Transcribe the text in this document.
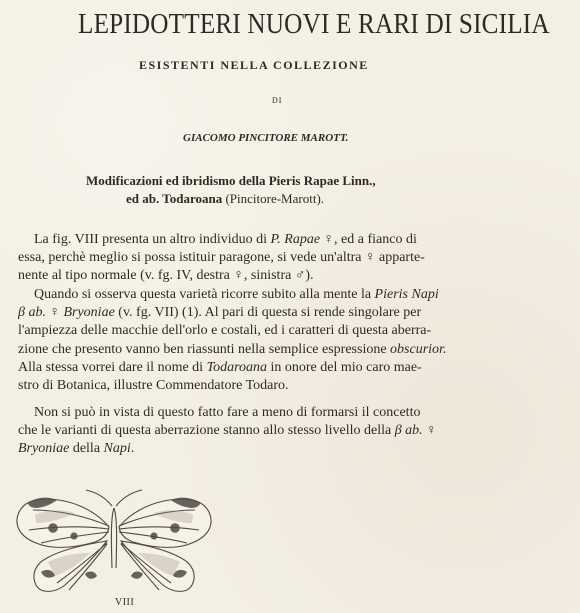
LEPIDOTTERI NUOVI E RARI DI SICILIA
ESISTENTI NELLA COLLEZIONE
DI
GIACOMO PINCITORE MAROTT.
Modificazioni ed ibridismo della Pieris Rapae Linn.,
ed ab. Todaroana (Pincitore-Marott).
La fig. VIII presenta un altro individuo di P. Rapae ♀, ed a fianco di
essa, perchè meglio si possa istituir paragone, si vede un'altra ♀ apparte-
nente al tipo normale (v. fg. IV, destra ♀, sinistra ♂).
Quando si osserva questa varietà ricorre subito alla mente la Pieris Napi
β ab. ♀ Bryoniae (v. fg. VII) (1). Al pari di questa si rende singolare per
l'ampiezza delle macchie dell'orlo e costali, ed i caratteri di questa aberra-
zione che presento vanno ben riassunti nella semplice espressione obscurior.
Alla stessa vorrei dare il nome di Todaroana in onore del mio caro mae-
stro di Botanica, illustre Commendatore Todaro.
Non si può in vista di questo fatto fare a meno di formarsi il concetto
che le varianti di questa aberrazione stanno allo stesso livello della β ab. ♀
Bryoniae della Napi.
VIII
